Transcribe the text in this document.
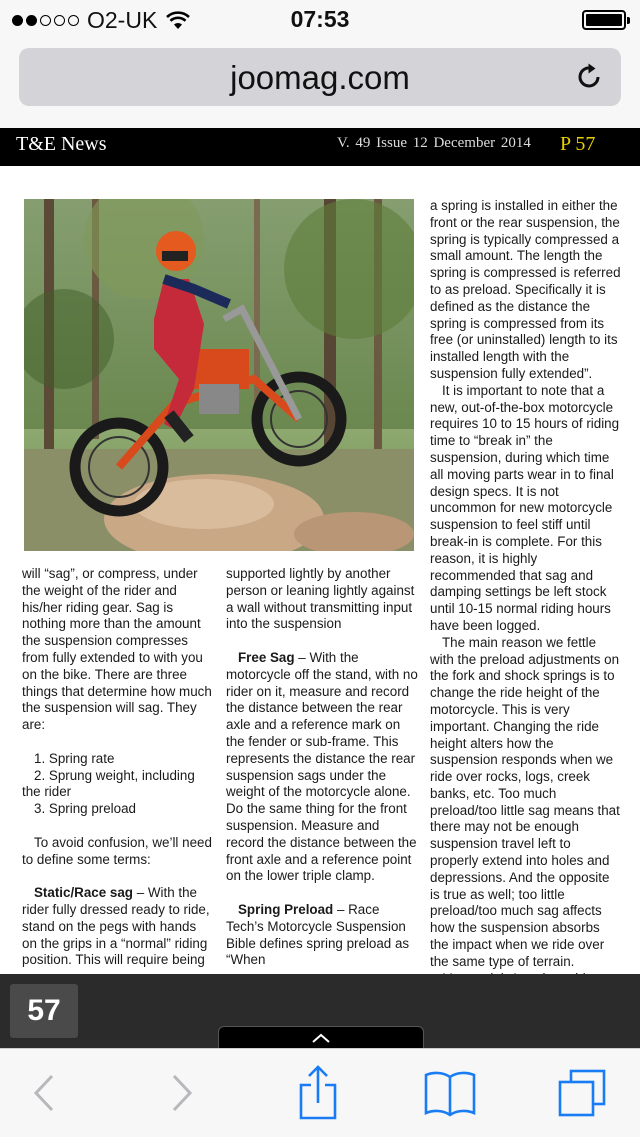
O2-UK	07:53
joomag.com
T&E News	V. 49 Issue 12 December 2014 P 57

will “sag”, or compress, under the weight of the rider and his/her riding gear. Sag is nothing more than the amount the suspension compresses from fully extended to with you on the bike. There are three things that determine how much the suspension will sag. They are:

1. Spring rate

2. Sprung weight, including the rider

3. Spring preload

To avoid confusion, we’ll need to define some terms:

Static/Race sag – With the rider fully dressed ready to ride, stand on the pegs with hands on the grips in a “normal” riding position. This will require being

supported lightly by another person or leaning lightly against a wall without transmitting input into the suspension

Free Sag – With the motorcycle off the stand, with no rider on it, measure and record the distance between the rear axle and a reference mark on the fender or sub-frame. This represents the distance the rear suspension sags under the weight of the motorcycle alone. Do the same thing for the front suspension. Measure and record the distance between the front axle and a reference point on the lower triple clamp.

Spring Preload – Race Tech’s Motorcycle Suspension Bible defines spring preload as “When

a spring is installed in either the front or the rear suspension, the spring is typically compressed a small amount. The length the spring is compressed is referred to as preload. Specifically it is defined as the distance the spring is compressed from its free (or uninstalled) length to its installed length with the suspension fully extended”.

It is important to note that a new, out-of-the-box motorcycle requires 10 to 15 hours of riding time to “break in” the suspension, during which time all moving parts wear in to final design specs. It is not uncommon for new motorcycle suspension to feel stiff until break-in is complete. For this reason, it is highly recommended that sag and damping settings be left stock until 10-15 normal riding hours have been logged.

The main reason we fettle with the preload adjustments on the fork and shock springs is to change the ride height of the motorcycle. This is very important. Changing the ride height alters how the suspension responds when we ride over rocks, logs, creek banks, etc. Too much preload/too little sag means that there may not be enough suspension travel left to properly extend into holes and depressions. And the opposite is true as well; too little preload/too much sag affects how the suspension absorbs the impact when we ride over the same type of terrain.

57
